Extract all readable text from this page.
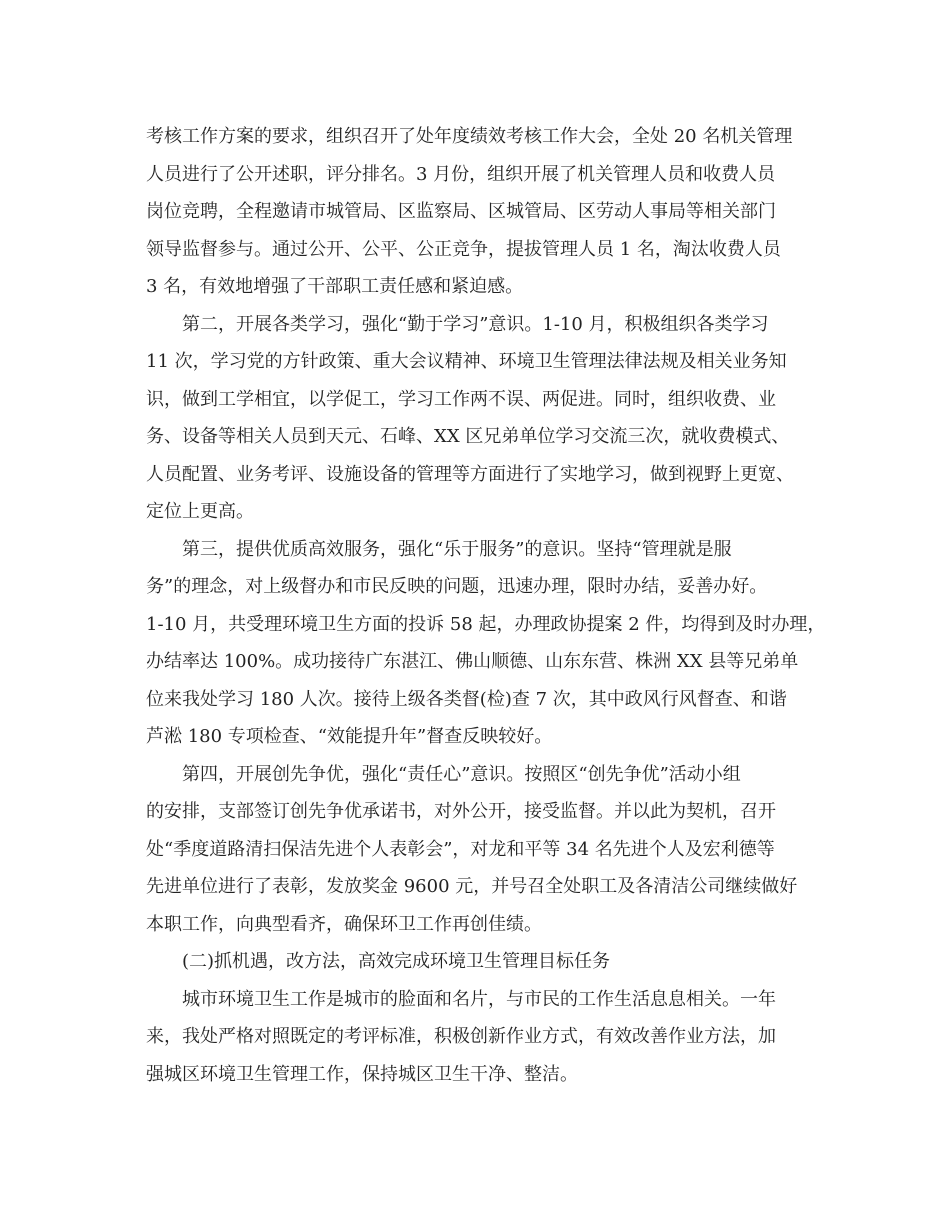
考核工作方案的要求，组织召开了处年度绩效考核工作大会，全处 20 名机关管理
人员进行了公开述职，评分排名。3 月份，组织开展了机关管理人员和收费人员
岗位竞聘，全程邀请市城管局、区监察局、区城管局、区劳动人事局等相关部门
领导监督参与。通过公开、公平、公正竞争，提拔管理人员 1 名，淘汰收费人员
3 名，有效地增强了干部职工责任感和紧迫感。
第二，开展各类学习，强化“勤于学习”意识。1-10 月，积极组织各类学习
11 次，学习党的方针政策、重大会议精神、环境卫生管理法律法规及相关业务知
识，做到工学相宜，以学促工，学习工作两不误、两促进。同时，组织收费、业
务、设备等相关人员到天元、石峰、XX 区兄弟单位学习交流三次，就收费模式、
人员配置、业务考评、设施设备的管理等方面进行了实地学习，做到视野上更宽、
定位上更高。
第三，提供优质高效服务，强化“乐于服务”的意识。坚持“管理就是服
务”的理念，对上级督办和市民反映的问题，迅速办理，限时办结，妥善办好。
1-10 月，共受理环境卫生方面的投诉 58 起，办理政协提案 2 件，均得到及时办理，
办结率达 100%。成功接待广东湛江、佛山顺德、山东东营、株洲 XX 县等兄弟单
位来我处学习 180 人次。接待上级各类督(检)查 7 次，其中政风行风督查、和谐
芦淞 180 专项检查、“效能提升年”督查反映较好。
第四，开展创先争优，强化“责任心”意识。按照区“创先争优”活动小组
的安排，支部签订创先争优承诺书，对外公开，接受监督。并以此为契机，召开
处“季度道路清扫保洁先进个人表彰会”，对龙和平等 34 名先进个人及宏利德等
先进单位进行了表彰，发放奖金 9600 元，并号召全处职工及各清洁公司继续做好
本职工作，向典型看齐，确保环卫工作再创佳绩。
(二)抓机遇，改方法，高效完成环境卫生管理目标任务
城市环境卫生工作是城市的脸面和名片，与市民的工作生活息息相关。一年
来，我处严格对照既定的考评标准，积极创新作业方式，有效改善作业方法，加
强城区环境卫生管理工作，保持城区卫生干净、整洁。
